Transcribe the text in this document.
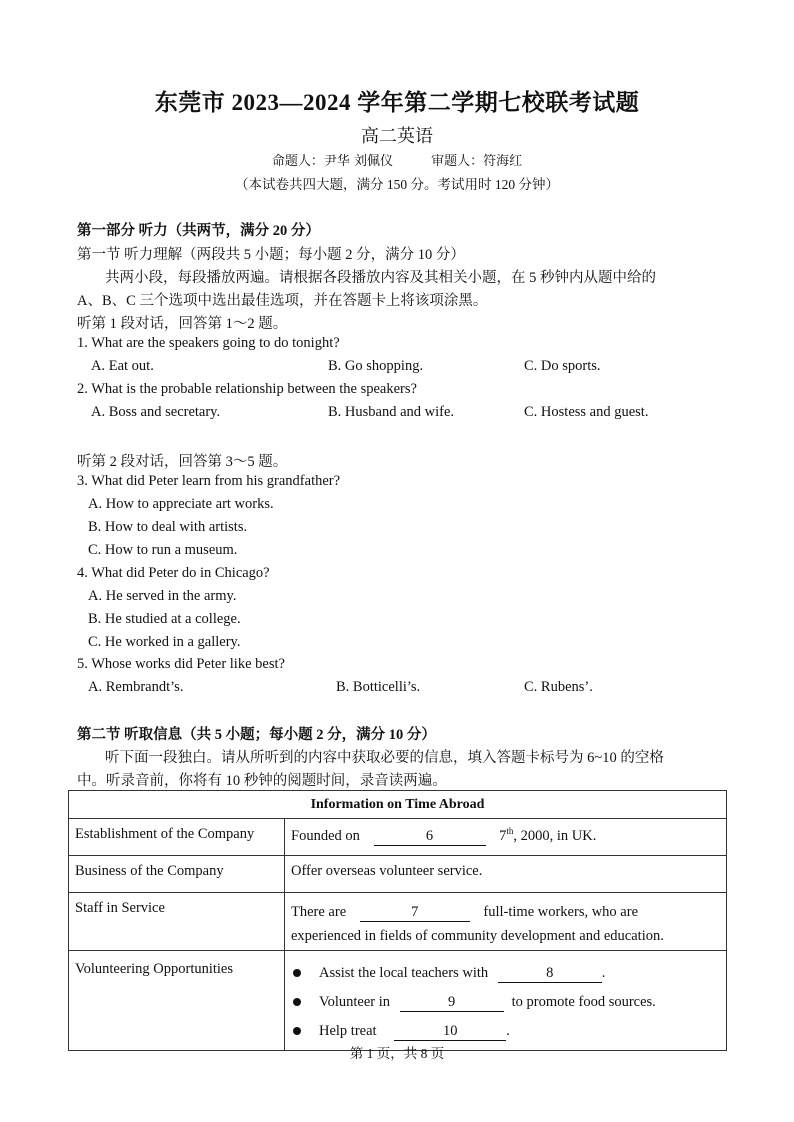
东莞市 2023—2024 学年第二学期七校联考试题
高二英语
命题人：尹华 刘佩仪	审题人：符海红
（本试卷共四大题，满分 150 分。考试用时 120 分钟）
第一部分 听力（共两节，满分 20 分）
第一节 听力理解（两段共 5 小题；每小题 2 分，满分 10 分）
共两小段，每段播放两遍。请根据各段播放内容及其相关小题，在 5 秒钟内从题中给的
A、B、C 三个选项中选出最佳选项，并在答题卡上将该项涂黑。
听第 1 段对话，回答第 1～2 题。
1. What are the speakers going to do tonight?
A. Eat out.	B. Go shopping.	C. Do sports.
2. What is the probable relationship between the speakers?
A. Boss and secretary.	B. Husband and wife.	C. Hostess and guest.
听第 2 段对话，回答第 3～5 题。
3. What did Peter learn from his grandfather?
A. How to appreciate art works.
B. How to deal with artists.
C. How to run a museum.
4. What did Peter do in Chicago?
A. He served in the army.
B. He studied at a college.
C. He worked in a gallery.
5. Whose works did Peter like best?
A. Rembrandt’s.	B. Botticelli’s.	C. Rubens’.
第二节 听取信息（共 5 小题；每小题 2 分，满分 10 分）
听下面一段独白。请从所听到的内容中获取必要的信息，填入答题卡标号为 6~10 的空格
中。听录音前，你将有 10 秒钟的阅题时间，录音读两遍。
Information on Time Abroad	
Establishment of the Company	Founded on 6 7th, 2000, in UK.
Business of the Company	Offer overseas volunteer service.
Staff in Service	There are 7 full-time workers, who are
experienced in fields of community development and education.
Volunteering Opportunities	Assist the local teachers with 8 .
Volunteer in 9 to promote food sources.
Help treat 10 .
第 1 页，共 8 页
